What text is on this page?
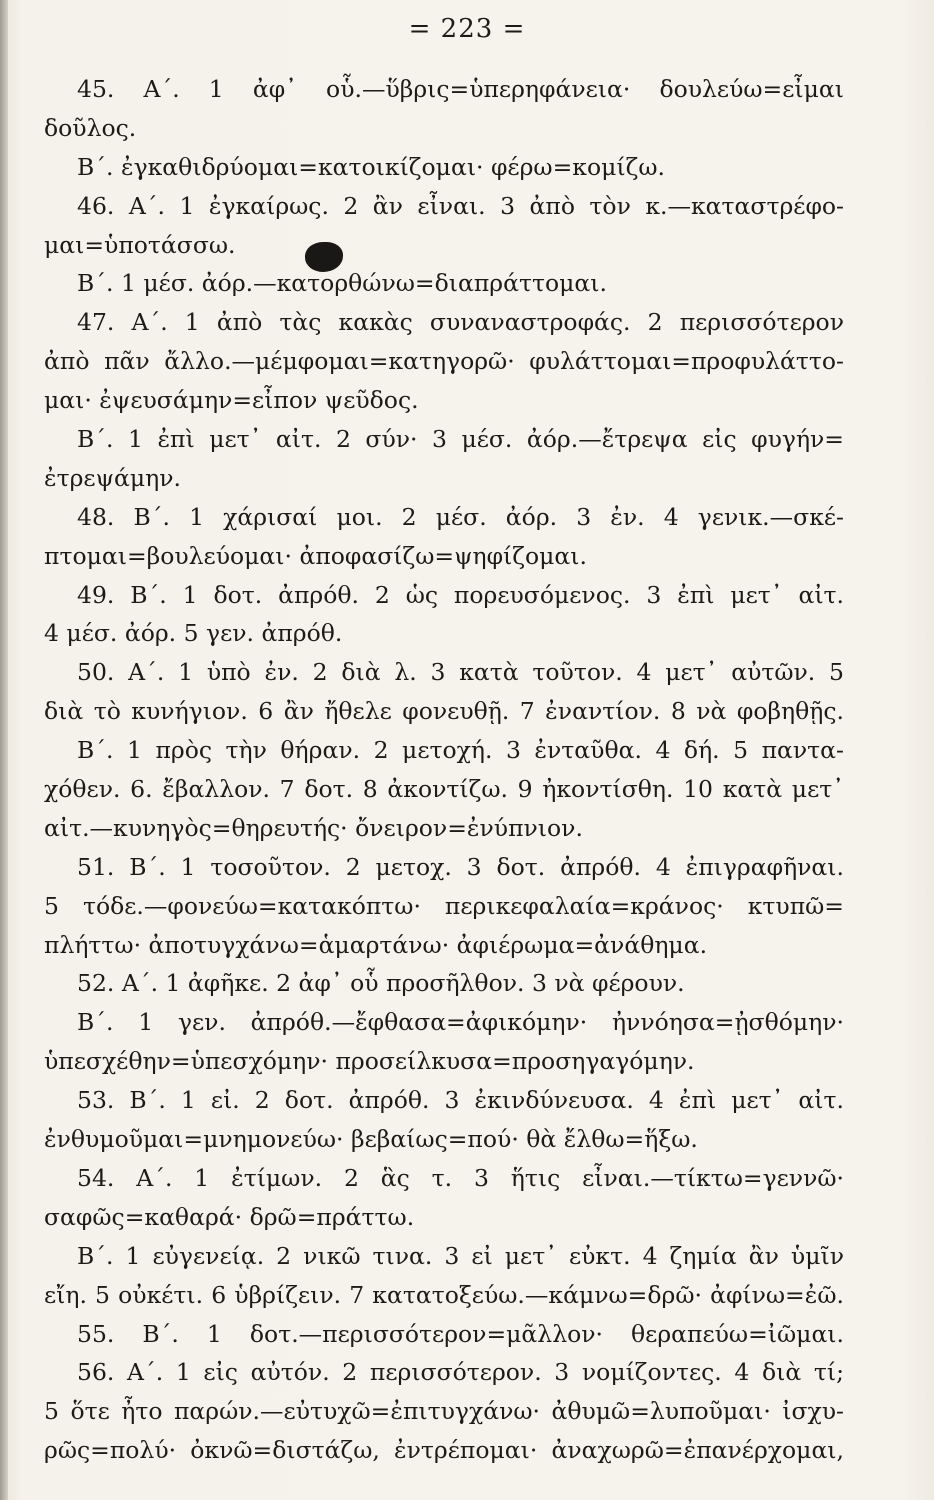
= 223 =
45. Α΄. 1 ἀφ᾿ οὗ.—ὕβρις=ὑπερηφάνεια· δουλεύω=εἶμαι
δοῦλος.
Β΄. ἐγκαθιδρύομαι=κατοικίζομαι· φέρω=κομίζω.
46. Α΄. 1 ἐγκαίρως. 2 ἂν εἶναι. 3 ἀπὸ τὸν κ.—καταστρέφο-
μαι=ὑποτάσσω.
Β΄. 1 μέσ. ἀόρ.—κατορθώνω=διαπράττομαι.
47. Α΄. 1 ἀπὸ τὰς κακὰς συναναστροφάς. 2 περισσότερον
ἀπὸ πᾶν ἄλλο.—μέμφομαι=κατηγορῶ· φυλάττομαι=προφυλάττο-
μαι· ἐψευσάμην=εἶπον ψεῦδος.
Β΄. 1 ἐπὶ μετ᾿ αἰτ. 2 σύν· 3 μέσ. ἀόρ.—ἔτρεψα εἰς φυγήν=
ἐτρεψάμην.
48. Β΄. 1 χάρισαί μοι. 2 μέσ. ἀόρ. 3 ἐν. 4 γενικ.—σκέ-
πτομαι=βουλεύομαι· ἀποφασίζω=ψηφίζομαι.
49. Β΄. 1 δοτ. ἀπρόθ. 2 ὡς πορευσόμενος. 3 ἐπὶ μετ᾿ αἰτ.
4 μέσ. ἀόρ. 5 γεν. ἀπρόθ.
50. Α΄. 1 ὑπὸ ἐν. 2 διὰ λ. 3 κατὰ τοῦτον. 4 μετ᾿ αὐτῶν. 5
διὰ τὸ κυνήγιον. 6 ἂν ἤθελε φονευθῇ. 7 ἐναντίον. 8 νὰ φοβηθῇς.
Β΄. 1 πρὸς τὴν θήραν. 2 μετοχή. 3 ἐνταῦθα. 4 δή. 5 παντα-
χόθεν. 6. ἔβαλλον. 7 δοτ. 8 ἀκοντίζω. 9 ἠκοντίσθη. 10 κατὰ μετ᾿
αἰτ.—κυνηγὸς=θηρευτής· ὄνειρον=ἐνύπνιον.
51. Β΄. 1 τοσοῦτον. 2 μετοχ. 3 δοτ. ἀπρόθ. 4 ἐπιγραφῆναι.
5 τόδε.—φονεύω=κατακόπτω· περικεφαλαία=κράνος· κτυπῶ=
πλήττω· ἀποτυγχάνω=ἁμαρτάνω· ἀφιέρωμα=ἀνάθημα.
52. Α΄. 1 ἀφῆκε. 2 ἀφ᾿ οὗ προσῆλθον. 3 νὰ φέρουν.
Β΄. 1 γεν. ἀπρόθ.—ἔφθασα=ἀφικόμην· ἠννόησα=ᾐσθόμην·
ὑπεσχέθην=ὑπεσχόμην· προσείλκυσα=προσηγαγόμην.
53. Β΄. 1 εἰ. 2 δοτ. ἀπρόθ. 3 ἐκινδύνευσα. 4 ἐπὶ μετ᾿ αἰτ.
ἐνθυμοῦμαι=μνημονεύω· βεβαίως=πού· θὰ ἔλθω=ἥξω.
54. Α΄. 1 ἐτίμων. 2 ἃς τ. 3 ἥτις εἶναι.—τίκτω=γεννῶ·
σαφῶς=καθαρά· δρῶ=πράττω.
Β΄. 1 εὐγενείᾳ. 2 νικῶ τινα. 3 εἰ μετ᾿ εὐκτ. 4 ζημία ἂν ὑμῖν
εἴη. 5 οὐκέτι. 6 ὑβρίζειν. 7 κατατοξεύω.—κάμνω=δρῶ· ἀφίνω=ἐῶ.
55. Β΄. 1 δοτ.—περισσότερον=μᾶλλον· θεραπεύω=ἰῶμαι.
56. Α΄. 1 εἰς αὐτόν. 2 περισσότερον. 3 νομίζοντες. 4 διὰ τί;
5 ὅτε ἦτο παρών.—εὐτυχῶ=ἐπιτυγχάνω· ἀθυμῶ=λυποῦμαι· ἰσχυ-
ρῶς=πολύ· ὀκνῶ=διστάζω, ἐντρέπομαι· ἀναχωρῶ=ἐπανέρχομαι,
